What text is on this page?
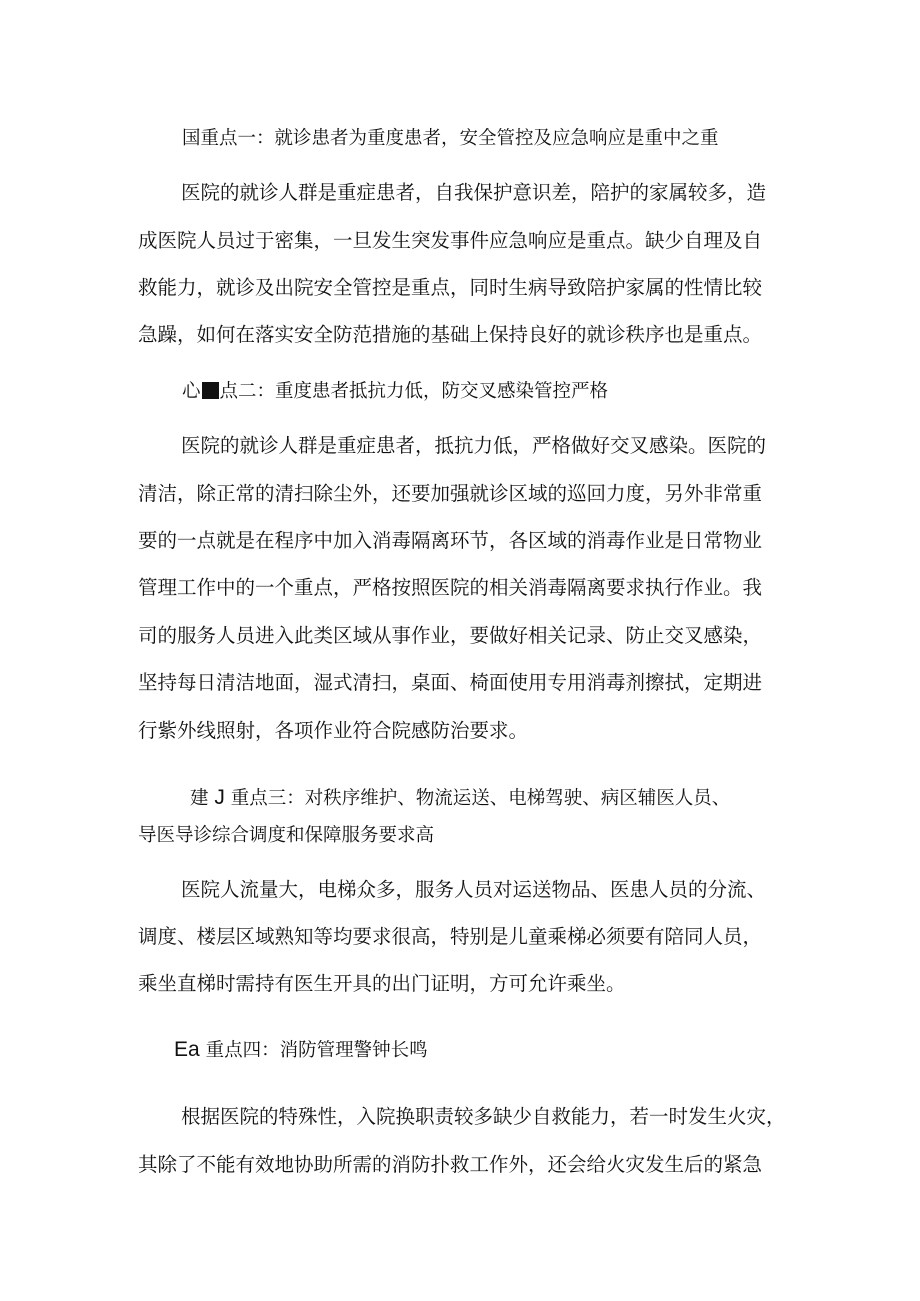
国重点一：就诊患者为重度患者，安全管控及应急响应是重中之重
医院的就诊人群是重症患者，自我保护意识差，陪护的家属较多，造
成医院人员过于密集，一旦发生突发事件应急响应是重点。缺少自理及自
救能力，就诊及出院安全管控是重点，同时生病导致陪护家属的性情比较
急躁，如何在落实安全防范措施的基础上保持良好的就诊秩序也是重点。
心 点二：重度患者抵抗力低，防交叉感染管控严格
医院的就诊人群是重症患者，抵抗力低，严格做好交叉感染。医院的
清洁，除正常的清扫除尘外，还要加强就诊区域的巡回力度，另外非常重
要的一点就是在程序中加入消毒隔离环节，各区域的消毒作业是日常物业
管理工作中的一个重点，严格按照医院的相关消毒隔离要求执行作业。我
司的服务人员进入此类区域从事作业，要做好相关记录、防止交叉感染，
坚持每日清洁地面，湿式清扫，桌面、椅面使用专用消毒剂擦拭，定期进
行紫外线照射，各项作业符合院感防治要求。
建 J 重点三：对秩序维护、物流运送、电梯驾驶、病区辅医人员、
导医导诊综合调度和保障服务要求高
医院人流量大，电梯众多，服务人员对运送物品、医患人员的分流、
调度、楼层区域熟知等均要求很高，特别是儿童乘梯必须要有陪同人员，
乘坐直梯时需持有医生开具的出门证明，方可允许乘坐。
Ea 重点四：消防管理警钟长鸣
根据医院的特殊性，入院换职责较多缺少自救能力，若一时发生火灾，
其除了不能有效地协助所需的消防扑救工作外，还会给火灾发生后的紧急
